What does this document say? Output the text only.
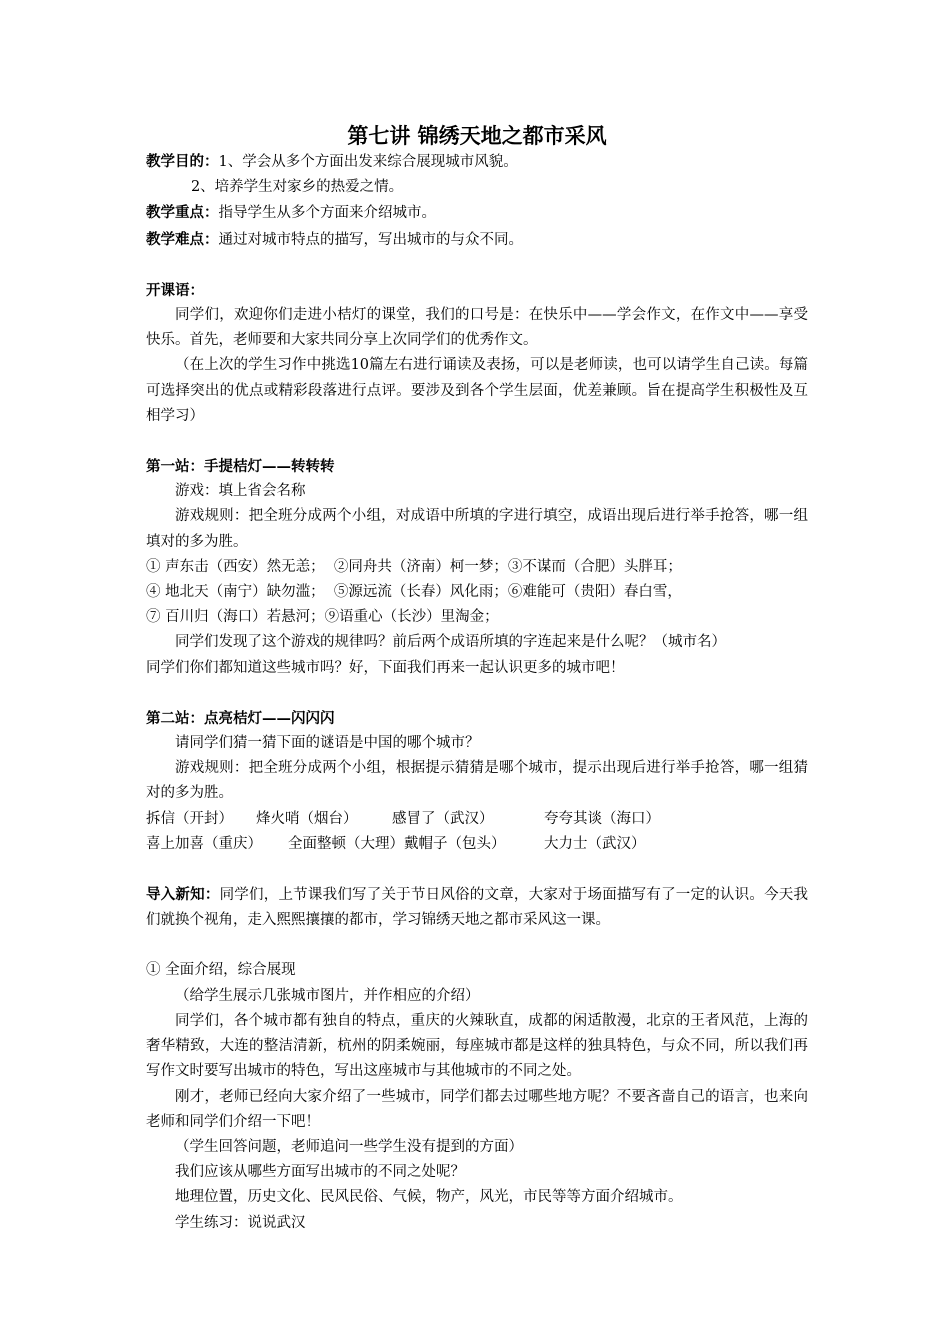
第七讲 锦绣天地之都市采风

教学目的：1、学会从多个方面出发来综合展现城市风貌。

2、培养学生对家乡的热爱之情。

教学重点：指导学生从多个方面来介绍城市。

教学难点：通过对城市特点的描写，写出城市的与众不同。

开课语：

同学们，欢迎你们走进小桔灯的课堂，我们的口号是：在快乐中——学会作文，在作文中——享受快乐。首先，老师要和大家共同分享上次同学们的优秀作文。

（在上次的学生习作中挑选10篇左右进行诵读及表扬，可以是老师读，也可以请学生自己读。每篇可选择突出的优点或精彩段落进行点评。要涉及到各个学生层面，优差兼顾。旨在提高学生积极性及互相学习）

第一站：手提桔灯——转转转

游戏：填上省会名称

游戏规则：把全班分成两个小组，对成语中所填的字进行填空，成语出现后进行举手抢答，哪一组填对的多为胜。

① 声东击（西安）然无恙；  ②同舟共（济南）柯一梦；③不谋而（合肥）头胖耳；

④ 地北天（南宁）缺勿滥；  ⑤源远流（长春）风化雨；⑥难能可（贵阳）春白雪，

⑦ 百川归（海口）若悬河；⑨语重心（长沙）里淘金；

同学们发现了这个游戏的规律吗？前后两个成语所填的字连起来是什么呢？（城市名）

同学们你们都知道这些城市吗？好，下面我们再来一起认识更多的城市吧！

第二站：点亮桔灯——闪闪闪

请同学们猜一猜下面的谜语是中国的哪个城市？

游戏规则：把全班分成两个小组，根据提示猜猜是哪个城市，提示出现后进行举手抢答，哪一组猜对的多为胜。

拆信（开封）	烽火哨（烟台）	感冒了（武汉）	夸夸其谈（海口）
喜上加喜（重庆）	全面整顿（大理） 戴帽子（包头）	大力士（武汉）

导入新知：同学们，上节课我们写了关于节日风俗的文章，大家对于场面描写有了一定的认识。今天我们就换个视角，走入熙熙攘攘的都市，学习锦绣天地之都市采风这一课。

① 全面介绍，综合展现

（给学生展示几张城市图片，并作相应的介绍）

同学们，各个城市都有独自的特点，重庆的火辣耿直，成都的闲适散漫，北京的王者风范，上海的奢华精致，大连的整洁清新，杭州的阴柔婉丽，每座城市都是这样的独具特色，与众不同，所以我们再写作文时要写出城市的特色，写出这座城市与其他城市的不同之处。

刚才，老师已经向大家介绍了一些城市，同学们都去过哪些地方呢？不要吝啬自己的语言，也来向老师和同学们介绍一下吧！

（学生回答问题，老师追问一些学生没有提到的方面）

我们应该从哪些方面写出城市的不同之处呢？

地理位置，历史文化、民风民俗、气候，物产，风光，市民等等方面介绍城市。

学生练习：说说武汉
